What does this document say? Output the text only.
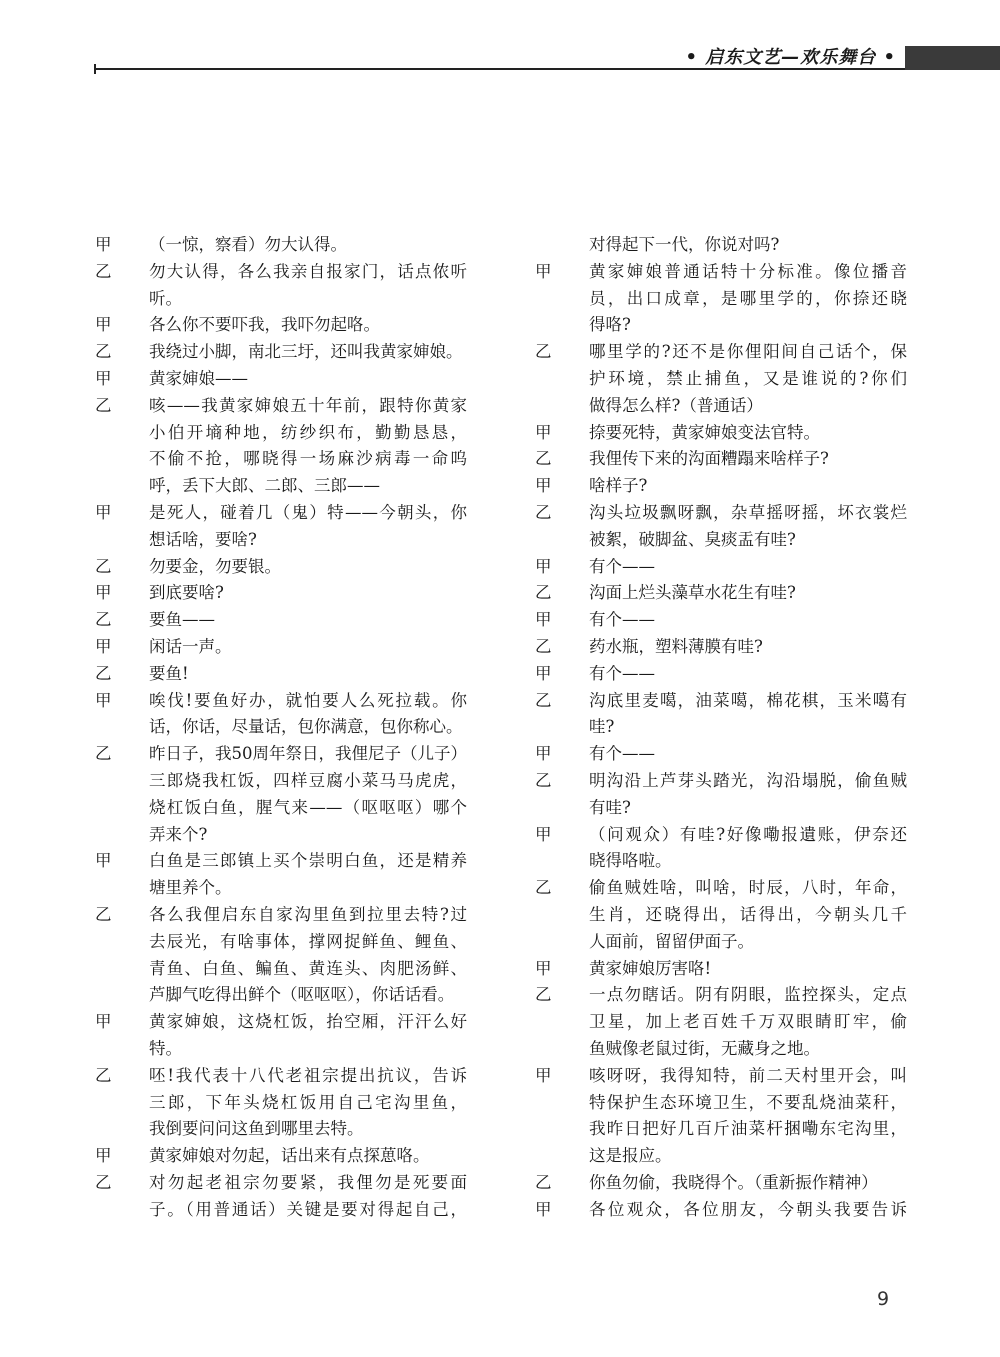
• 启东文艺—欢乐舞台 •
甲	（一惊，察看）勿大认得。
乙	勿大认得，各么我亲自报家门，话点侬听
听。
甲	各么你不要吓我，我吓勿起咯。
乙	我绕过小脚，南北三圩，还叫我黄家婶娘。
甲	黄家婶娘——
乙	咳——我黄家婶娘五十年前，跟特你黄家
小伯开墒种地，纺纱织布，勤勤恳恳，
不偷不抢，哪晓得一场麻沙病毒一命呜
呼，丢下大郎、二郎、三郎——
甲	是死人，碰着几（鬼）特——今朝头，你
想话啥，要啥?
乙	勿要金，勿要银。
甲	到底要啥?
乙	要鱼——
甲	闲话一声。
乙	要鱼!
甲	唉伐!要鱼好办，就怕要人么死拉载。你
话，你话，尽量话，包你满意，包你称心。
乙	昨日子，我50周年祭日，我俚尼子（儿子）
三郎烧我杠饭，四样豆腐小菜马马虎虎，
烧杠饭白鱼，腥气来——（呕呕呕）哪个
弄来个?
甲	白鱼是三郎镇上买个崇明白鱼，还是精养
塘里养个。
乙	各么我俚启东自家沟里鱼到拉里去特?过
去辰光，有啥事体，撑网捉鲜鱼、鲤鱼、
青鱼、白鱼、鳊鱼、黄连头、肉肥汤鲜、
芦脚气吃得出鲜个（呕呕呕），你话话看。
甲	黄家婶娘，这烧杠饭，抬空厢，汗汗么好
特。
乙	呸!我代表十八代老祖宗提出抗议，告诉
三郎，下年头烧杠饭用自己宅沟里鱼，
我倒要问问这鱼到哪里去特。
甲	黄家婶娘对勿起，话出来有点探葸咯。
乙	对勿起老祖宗勿要紧，我俚勿是死要面
子。（用普通话）关键是要对得起自己，
对得起下一代，你说对吗?
甲	黄家婶娘普通话特十分标准。像位播音
员，出口成章，是哪里学的，你捺还晓
得咯?
乙	哪里学的?还不是你俚阳间自己话个，保
护环境，禁止捕鱼，又是谁说的?你们
做得怎么样?（普通话）
甲	捺要死特，黄家婶娘变法官特。
乙	我俚传下来的沟面糟蹋来啥样子?
甲	啥样子?
乙	沟头垃圾飘呀飘，杂草摇呀摇，坏衣裳烂
被絮，破脚盆、臭痰盂有哇?
甲	有个——
乙	沟面上烂头藻草水花生有哇?
甲	有个——
乙	药水瓶，塑料薄膜有哇?
甲	有个——
乙	沟底里麦噶，油菜噶，棉花棋，玉米噶有
哇?
甲	有个——
乙	明沟沿上芦芽头踏光，沟沿塌脱，偷鱼贼
有哇?
甲	（问观众）有哇?好像嘞报遺账，伊奈还
晓得咯啦。
乙	偷鱼贼姓啥，叫啥，时辰，八时，年命，
生肖，还晓得出，话得出，今朝头几千
人面前，留留伊面子。
甲	黄家婶娘厉害咯!
乙	一点勿瞎话。阴有阴眼，监控探头，定点
卫星，加上老百姓千万双眼睛盯牢，偷
鱼贼像老鼠过街，无藏身之地。
甲	咳呀呀，我得知特，前二天村里开会，叫
特保护生态环境卫生，不要乱烧油菜秆，
我昨日把好几百斤油菜杆捆嘞东宅沟里，
这是报应。
乙	你鱼勿偷，我晓得个。（重新振作精神）
甲	各位观众，各位朋友，今朝头我要告诉
9
